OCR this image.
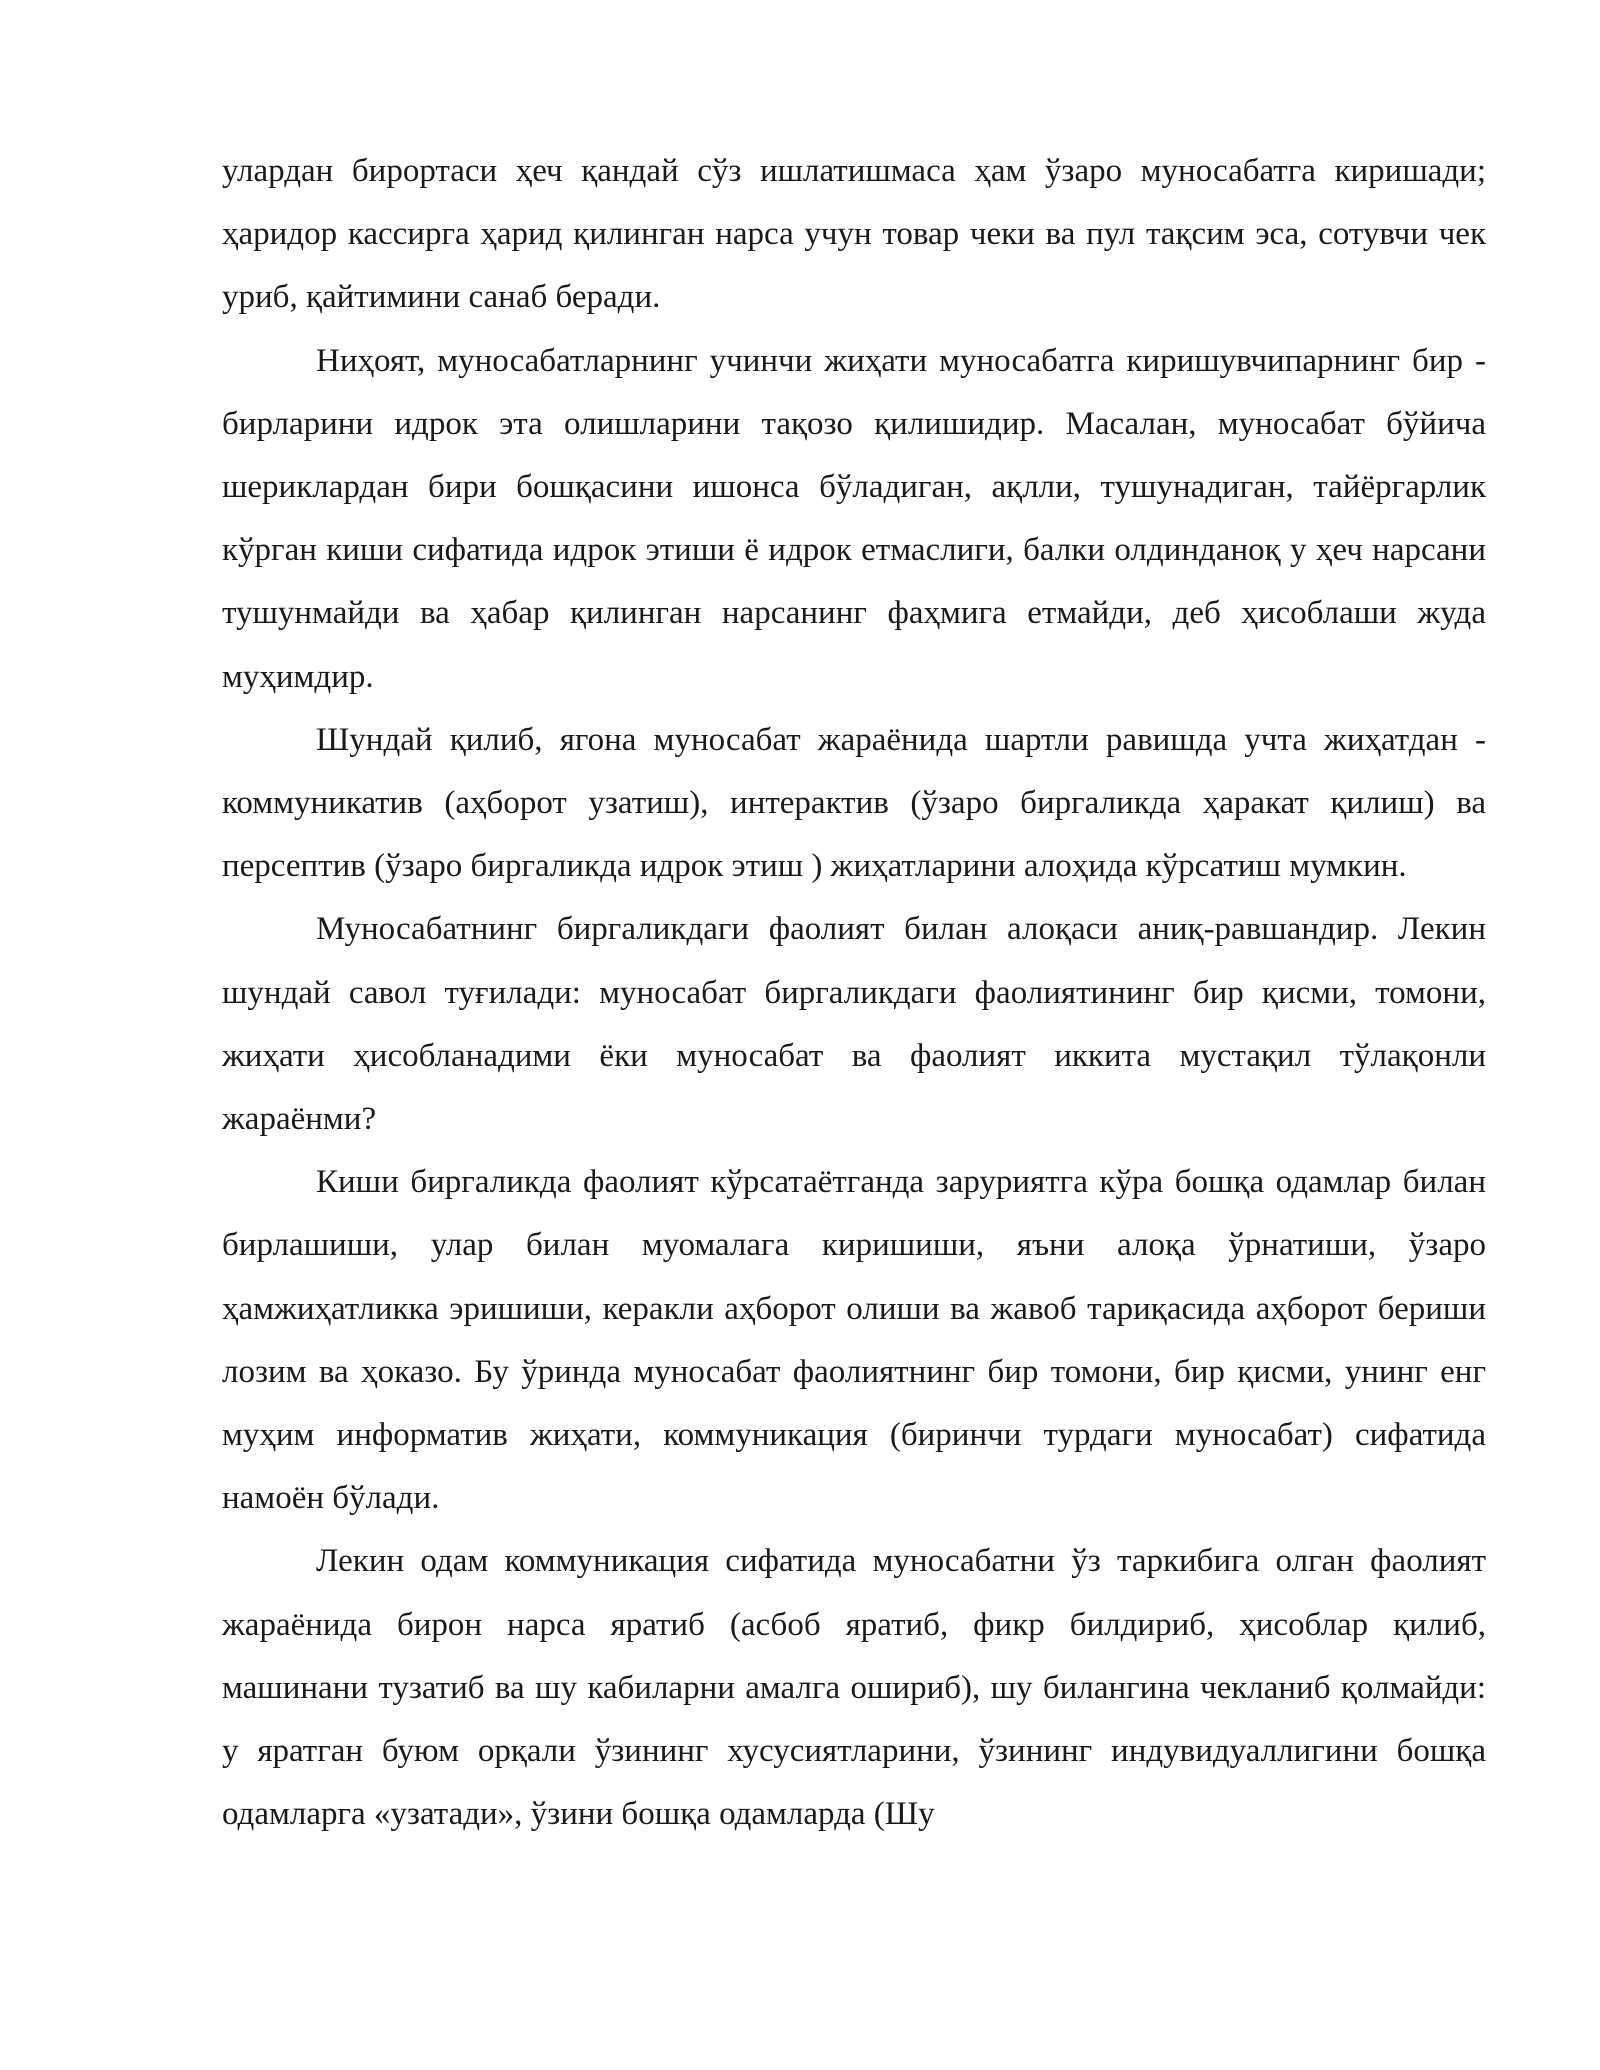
улардан бирортаси ҳеч қандай сўз ишлатишмаса ҳам ўзаро муносабатга киришади; ҳаридор кассирга ҳарид қилинган нарса учун товар чеки ва пул тақсим эса, сотувчи чек уриб, қайтимини санаб беради.

Ниҳоят, муносабатларнинг учинчи жиҳати муносабатга киришувчипарнинг бир - бирларини идрок эта олишларини тақозо қилишидир. Масалан, муносабат бўйича шериклардан бири бошқасини ишонса бўладиган, ақлли, тушунадиган, тайёргарлик кўрган киши сифатида идрок этиши ё идрок етмаслиги, балки олдинданоқ у ҳеч нарсани тушунмайди ва ҳабар қилинган нарсанинг фаҳмига етмайди, деб ҳисоблаши жуда муҳимдир.

Шундай қилиб, ягона муносабат жараёнида шартли равишда учта жиҳатдан - коммуникатив (аҳборот узатиш), интерактив (ўзаро биргаликда ҳаракат қилиш) ва персептив (ўзаро биргаликда идрок этиш ) жиҳатларини алоҳида кўрсатиш мумкин.

Муносабатнинг биргаликдаги фаолият билан алоқаси аниқ-равшандир. Лекин шундай савол туғилади: муносабат биргаликдаги фаолиятининг бир қисми, томони, жиҳати ҳисобланадими ёки муносабат ва фаолият иккита мустақил тўлақонли жараёнми?

Киши биргаликда фаолият кўрсатаётганда заруриятга кўра бошқа одамлар билан бирлашиши, улар билан муомалага киришиши, яъни алоқа ўрнатиши, ўзаро ҳамжиҳатликка эришиши, керакли аҳборот олиши ва жавоб тариқасида аҳборот бериши лозим ва ҳоказо. Бу ўринда муносабат фаолиятнинг бир томони, бир қисми, унинг енг муҳим информатив жиҳати, коммуникация (биринчи турдаги муносабат) сифатида намоён бўлади.

Лекин одам коммуникация сифатида муносабатни ўз таркибига олган фаолият жараёнида бирон нарса яратиб (асбоб яратиб, фикр билдириб, ҳисоблар қилиб, машинани тузатиб ва шу кабиларни амалга ошириб), шу билангина чекланиб қолмайди: у яратган буюм орқали ўзининг хусусиятларини, ўзининг индувидуаллигини бошқа одамларга «узатади», ўзини бошқа одамларда (Шу
